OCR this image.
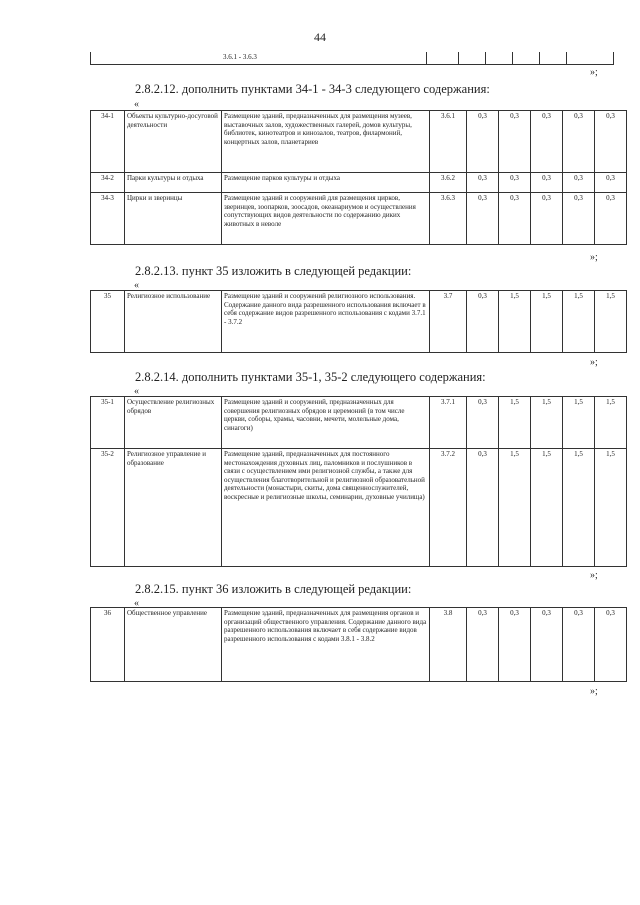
44
3.6.1 - 3.6.3
»;
2.8.2.12. дополнить пунктами 34-1 - 34-3 следующего содержания:
«
34-1	Объекты культурно-досуговой деятельности	Размещение зданий, предназначенных для размещения музеев, выставочных залов, художественных галерей, домов культуры, библиотек, кинотеатров и кинозалов, театров, филармоний, концертных залов, планетариев	3.6.1	0,3	0,3	0,3	0,3	0,3
34-2	Парки культуры и отдыха	Размещение парков культуры и отдыха	3.6.2	0,3	0,3	0,3	0,3	0,3
34-3	Цирки и зверинцы	Размещение зданий и сооружений для размещения цирков, зверинцев, зоопарков, зоосадов, океанариумов и осуществления сопутствующих видов деятельности по содержанию диких животных в неволе	3.6.3	0,3	0,3	0,3	0,3	0,3
»;
2.8.2.13. пункт 35 изложить в следующей редакции:
«
35	Религиозное использование	Размещение зданий и сооружений религиозного использования. Содержание данного вида разрешенного использования включает в себя содержание видов разрешенного использования с кодами 3.7.1 - 3.7.2	3.7	0,3	1,5	1,5	1,5	1,5
»;
2.8.2.14. дополнить пунктами 35-1, 35-2 следующего содержания:
«
35-1	Осуществление религиозных обрядов	Размещение зданий и сооружений, предназначенных для совершения религиозных обрядов и церемоний (в том числе церкви, соборы, храмы, часовни, мечети, молельные дома, синагоги)	3.7.1	0,3	1,5	1,5	1,5	1,5
35-2	Религиозное управление и образование	Размещение зданий, предназначенных для постоянного местонахождения духовных лиц, паломников и послушников в связи с осуществлением ими религиозной службы, а также для осуществления благотворительной и религиозной образовательной деятельности (монастыри, скиты, дома священнослужителей, воскресные и религиозные школы, семинарии, духовные училища)	3.7.2	0,3	1,5	1,5	1,5	1,5
»;
2.8.2.15. пункт 36 изложить в следующей редакции:
«
36	Общественное управление	Размещение зданий, предназначенных для размещения органов и организаций общественного управления. Содержание данного вида разрешенного использования включает в себя содержание видов разрешенного использования с кодами 3.8.1 - 3.8.2	3.8	0,3	0,3	0,3	0,3	0,3
»;
